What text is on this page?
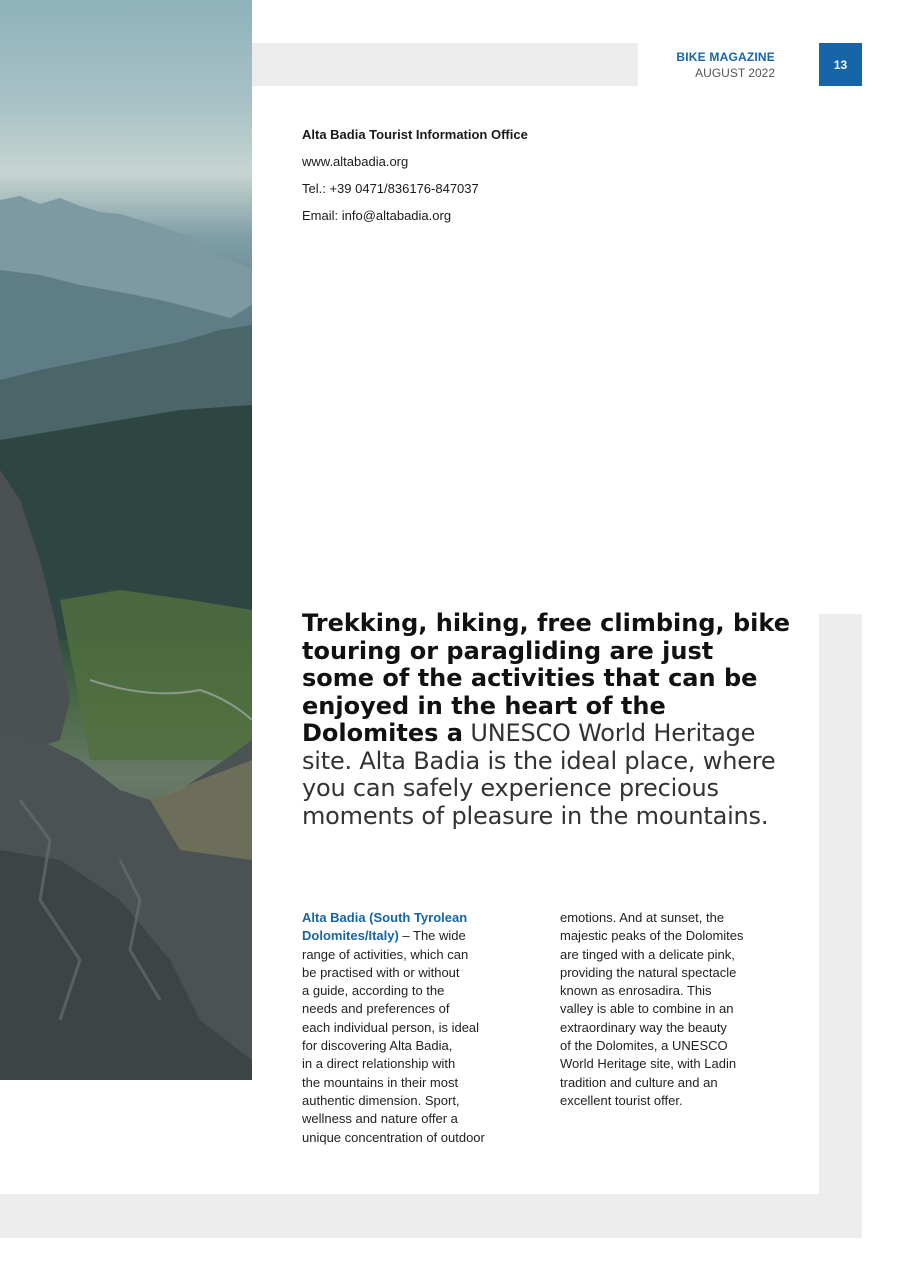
BIKE MAGAZINE
AUGUST 2022
13
Alta Badia Tourist Information Office
www.altabadia.org
Tel.: +39 0471/836176-847037
Email: info@altabadia.org

Trekking, hiking, free climbing, bike touring or paragliding are just some of the activities that can be enjoyed in the heart of the Dolomites a UNESCO World Heritage site. Alta Badia is the ideal place, where you can safely experience precious moments of pleasure in the mountains.

Alta Badia (South Tyrolean
Dolomites/Italy) – The wide
range of activities, which can
be practised with or without
a guide, according to the
needs and preferences of
each individual person, is ideal
for discovering Alta Badia,
in a direct relationship with
the mountains in their most
authentic dimension. Sport,
wellness and nature offer a
unique concentration of outdoor
emotions. And at sunset, the
majestic peaks of the Dolomites
are tinged with a delicate pink,
providing the natural spectacle
known as enrosadira. This
valley is able to combine in an
extraordinary way the beauty
of the Dolomites, a UNESCO
World Heritage site, with Ladin
tradition and culture and an
excellent tourist offer.
